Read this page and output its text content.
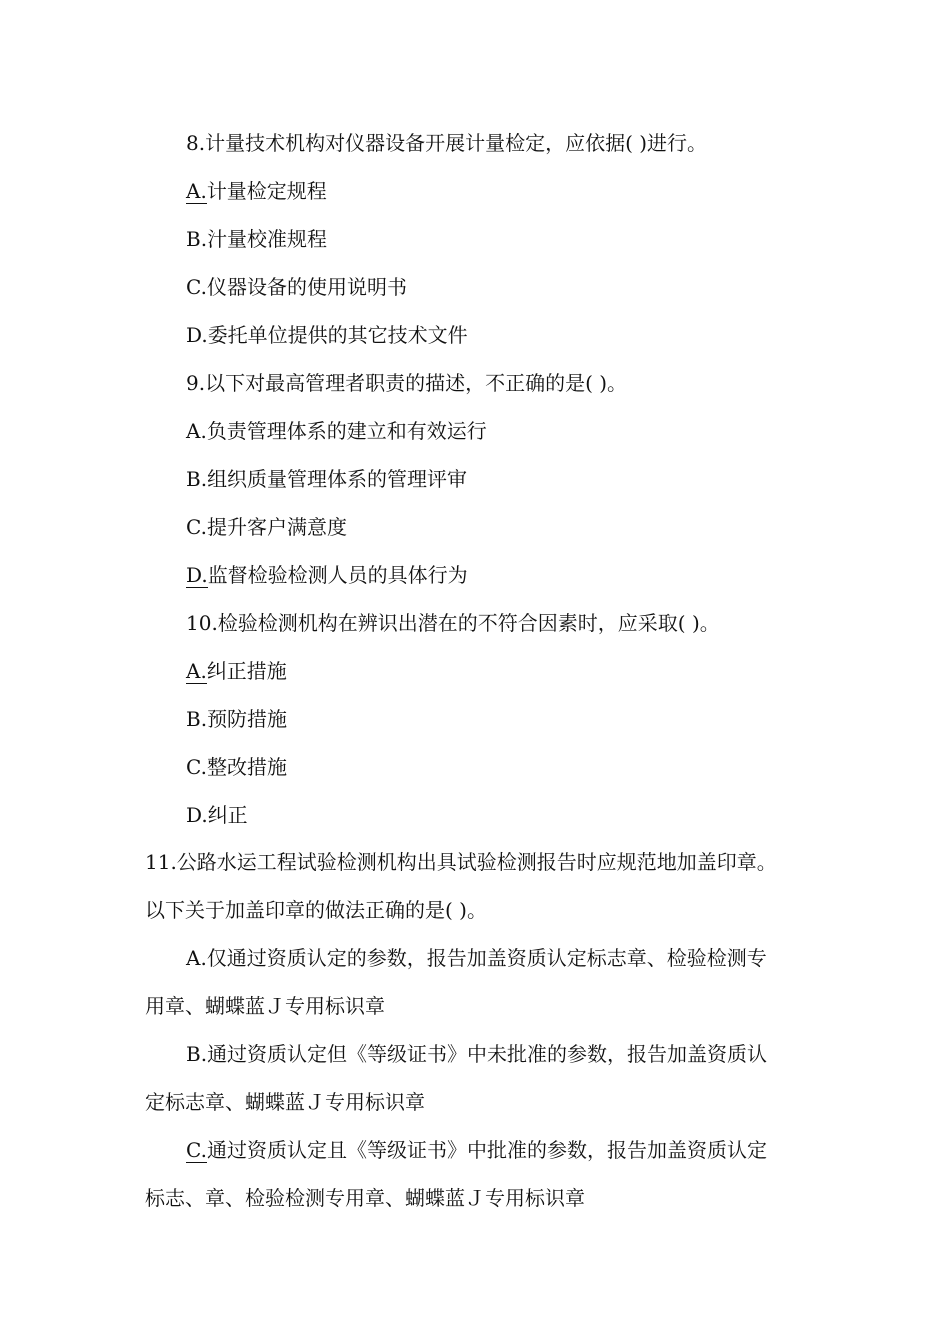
8.计量技术机构对仪器设备开展计量检定，应依据( )进行。
A.计量检定规程
B.汁量校准规程
C.仪器设备的使用说明书
D.委托单位提供的其它技术文件
9.以下对最高管理者职责的描述，不正确的是( )。
A.负责管理体系的建立和有效运行
B.组织质量管理体系的管理评审
C.提升客户满意度
D.监督检验检测人员的具体行为
10.检验检测机构在辨识出潜在的不符合因素时，应采取( )。
A.纠正措施
B.预防措施
C.整改措施
D.纠正
11.公路水运工程试验检测机构出具试验检测报告时应规范地加盖印章。
以下关于加盖印章的做法正确的是( )。
A.仅通过资质认定的参数，报告加盖资质认定标志章、检验检测专
用章、蝴蝶蓝Ｊ专用标识章
B.通过资质认定但《等级证书》中未批准的参数，报告加盖资质认
定标志章、蝴蝶蓝Ｊ专用标识章
C.通过资质认定且《等级证书》中批准的参数，报告加盖资质认定
标志、章、检验检测专用章、蝴蝶蓝Ｊ专用标识章
